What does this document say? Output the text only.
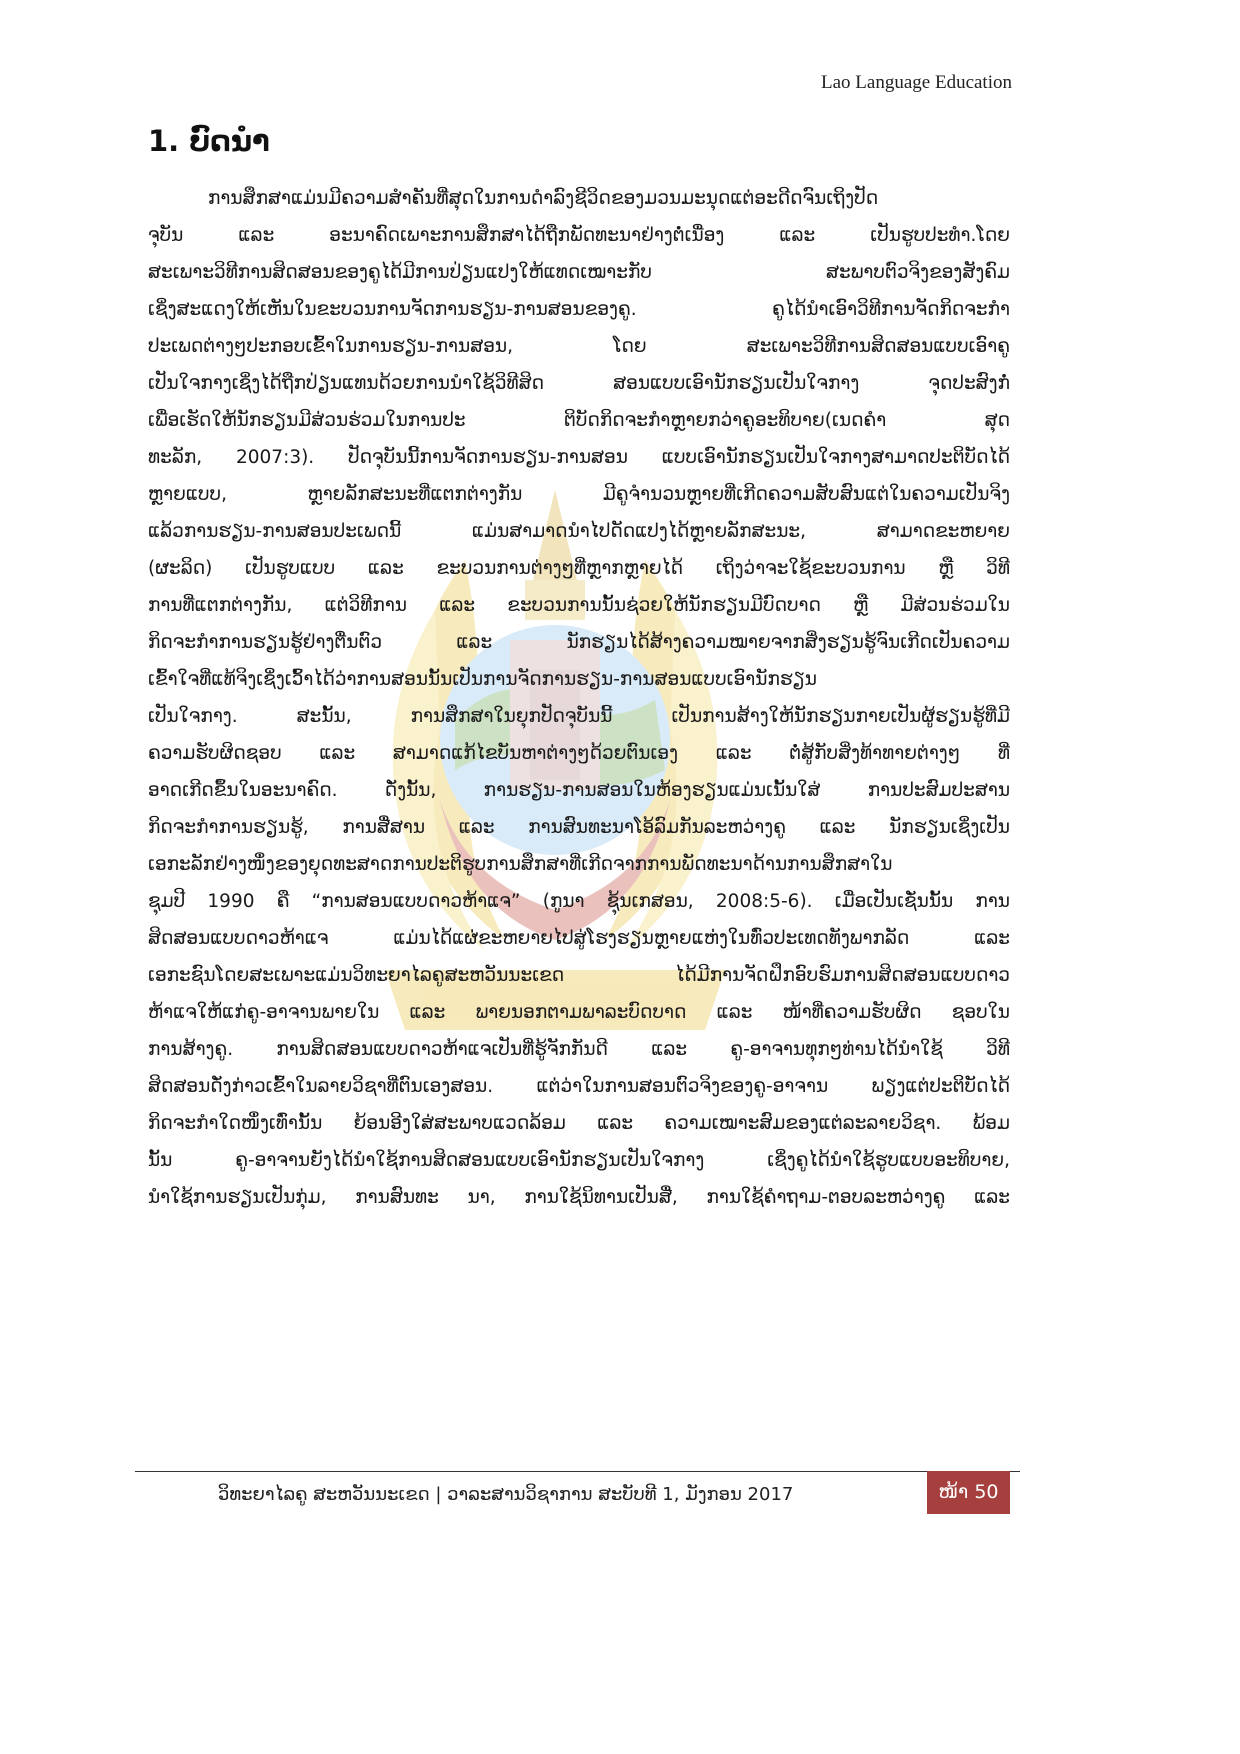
Lao Language Education
1. ບົດນຳ
ການສຶກສາແມ່ນມີຄວາມສຳຄັນທີ່ສຸດໃນການດຳລົງຊີວິດຂອງມວນມະນຸດແຕ່ອະດີດຈົນເຖິງປັດ
ຈຸບັນ ແລະ ອະນາຄົດເພາະການສຶກສາໄດ້ຖືກພັດທະນາຢ່າງຕໍ່ເນື່ອງ ແລະ ເປັນຮູບປະທຳ.ໂດຍ
ສະເພາະວິທີການສິດສອນຂອງຄູໄດ້ມີການປ່ຽນແປງໃຫ້ແທດເໝາະກັບ ສະພາບຕົວຈິງຂອງສັງຄົມ
ເຊິ່ງສະແດງໃຫ້ເຫັນໃນຂະບວນການຈັດການຮຽນ-ການສອນຂອງຄູ. ຄູໄດ້ນຳເອົາວິທີການຈັດກິດຈະກຳ
ປະເພດຕ່າງໆປະກອບເຂົ້າໃນການຮຽນ-ການສອນ, ໂດຍ ສະເພາະວິທີການສິດສອນແບບເອົາຄູ
ເປັນໃຈກາງເຊິ່ງໄດ້ຖືກປ່ຽນແທນດ້ວຍການນຳໃຊ້ວິທີສິດ ສອນແບບເອົານັກຮຽນເປັນໃຈກາງ ຈຸດປະສົງກໍ່
ເພື່ອເຮັດໃຫ້ນັກຮຽນມີສ່ວນຮ່ວມໃນການປະ ຕິບັດກິດຈະກຳຫຼາຍກວ່າຄູອະທິບາຍ(ເນດຄຳ ສຸດ
ທະລັກ, 2007:3). ປັດຈຸບັນນີ້ການຈັດການຮຽນ-ການສອນ ແບບເອົານັກຮຽນເປັນໃຈກາງສາມາດປະຕິບັດໄດ້
ຫຼາຍແບບ, ຫຼາຍລັກສະນະທີ່ແຕກຕ່າງກັນ ມີຄູຈຳນວນຫຼາຍທີ່ເກີດຄວາມສັບສົນແຕ່ໃນຄວາມເປັນຈິງ
ແລ້ວການຮຽນ-ການສອນປະເພດນີ້ ແມ່ນສາມາດນຳໄປດັດແປງໄດ້ຫຼາຍລັກສະນະ, ສາມາດຂະຫຍາຍ
(ຜະລິດ) ເປັນຮູບແບບ ແລະ ຂະບວນການຕ່າງໆທີ່ຫຼາກຫຼາຍໄດ້ ເຖິງວ່າຈະໃຊ້ຂະບວນການ ຫຼື ວິທີ
ການທີ່ແຕກຕ່າງກັນ, ແຕ່ວິທີການ ແລະ ຂະບວນການນັ້ນຊ່ວຍໃຫ້ນັກຮຽນມີບົດບາດ ຫຼື ມີສ່ວນຮ່ວມໃນ
ກິດຈະກຳການຮຽນຮູ້ຢ່າງຕື່ນຕົວ ແລະ ນັກຮຽນໄດ້ສ້າງຄວາມໝາຍຈາກສິ່ງຮຽນຮູ້ຈົນເກີດເປັນຄວາມ
ເຂົ້າໃຈທີ່ແທ້ຈິງເຊິ່ງເວົ້າໄດ້ວ່າການສອນນັ້ນເປັນການຈັດການຮຽນ-ການສອນແບບເອົານັກຮຽນ
ເປັນໃຈກາງ. ສະນັ້ນ, ການສຶກສາໃນຍຸກປັດຈຸບັນນີ້ ເປັນການສ້າງໃຫ້ນັກຮຽນກາຍເປັນຜູ້ຮຽນຮູ້ທີ່ມີ
ຄວາມຮັບຜິດຊອບ ແລະ ສາມາດແກ້ໄຂບັນຫາຕ່າງໆດ້ວຍຕົນເອງ ແລະ ຕໍ່ສູ້ກັບສິ່ງທ້າທາຍຕ່າງໆ ທີ່
ອາດເກີດຂຶ້ນໃນອະນາຄົດ. ດັ່ງນັ້ນ, ການຮຽນ-ການສອນໃນຫ້ອງຮຽນແມ່ນເນັ້ນໃສ່ ການປະສົມປະສານ
ກິດຈະກຳການຮຽນຮູ້, ການສື່ສານ ແລະ ການສົນທະນາໂອ້ລົມກັນລະຫວ່າງຄູ ແລະ ນັກຮຽນເຊິ່ງເປັນ
ເອກະລັກຢ່າງໜຶ່ງຂອງຍຸດທະສາດການປະຕິຮູບການສຶກສາທີ່ເກີດຈາກການພັດທະນາດ້ານການສຶກສາໃນ
ຊຸມປີ 1990 ຄື “ການສອນແບບດາວຫ້າແຈ” (ກູນາ ຊຸ້ນເກສອນ, 2008:5-6). ເມື່ອເປັນເຊັ່ນນັ້ນ ການ
ສິດສອນແບບດາວຫ້າແຈ ແມ່ນໄດ້ແຜ່ຂະຫຍາຍໄປສູ່ໂຮງຮຽນຫຼາຍແຫ່ງໃນທົ່ວປະເທດທັງພາກລັດ ແລະ
ເອກະຊົນໂດຍສະເພາະແມ່ນວິທະຍາໄລຄູສະຫວັນນະເຂດ ໄດ້ມີການຈັດຝຶກອົບຮົມການສິດສອນແບບດາວ
ຫ້າແຈໃຫ້ແກ່ຄູ-ອາຈານພາຍໃນ ແລະ ພາຍນອກຕາມພາລະບົດບາດ ແລະ ໜ້າທີ່ຄວາມຮັບຜິດ ຊອບໃນ
ການສ້າງຄູ. ການສິດສອນແບບດາວຫ້າແຈເປັນທີ່ຮູ້ຈັກກັນດີ ແລະ ຄູ-ອາຈານທຸກໆທ່ານໄດ້ນຳໃຊ້ ວິທີ
ສິດສອນດັ່ງກ່າວເຂົ້າໃນລາຍວິຊາທີ່ຕົນເອງສອນ. ແຕ່ວ່າໃນການສອນຕົວຈິງຂອງຄູ-ອາຈານ ພຽງແຕ່ປະຕິບັດໄດ້
ກິດຈະກຳໃດໜຶ່ງເທົ່ານັ້ນ ຍ້ອນອີງໃສ່ສະພາບແວດລ້ອມ ແລະ ຄວາມເໝາະສົມຂອງແຕ່ລະລາຍວິຊາ. ພ້ອມ
ນັ້ນ ຄູ-ອາຈານຍັງໄດ້ນຳໃຊ້ການສິດສອນແບບເອົານັກຮຽນເປັນໃຈກາງ ເຊິ່ງຄູໄດ້ນຳໃຊ້ຮູບແບບອະທິບາຍ,
ນຳໃຊ້ການຮຽນເປັນກຸ່ມ, ການສົນທະ ນາ, ການໃຊ້ນິທານເປັນສື່, ການໃຊ້ຄຳຖາມ-ຕອບລະຫວ່າງຄູ ແລະ
ວິທະຍາໄລຄູ ສະຫວັນນະເຂດ | ວາລະສານວິຊາການ ສະບັບທີ 1, ມັງກອນ 2017	ໜ້າ 50
